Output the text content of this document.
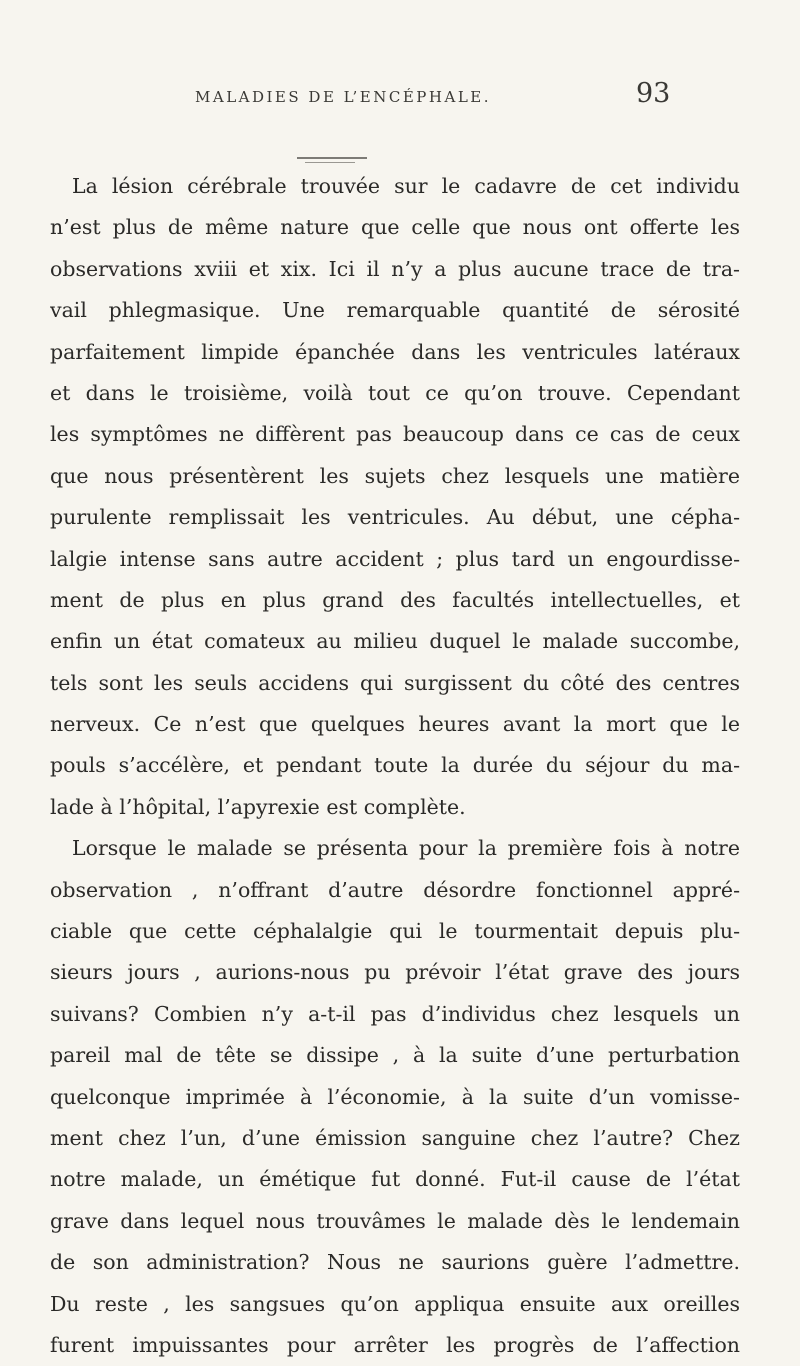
MALADIES DE L’ENCÉPHALE.	93
La lésion cérébrale trouvée sur le cadavre de cet individu
n’est plus de même nature que celle que nous ont offerte les
observations xviii et xix. Ici il n’y a plus aucune trace de tra-
vail phlegmasique. Une remarquable quantité de sérosité
parfaitement limpide épanchée dans les ventricules latéraux
et dans le troisième, voilà tout ce qu’on trouve. Cependant
les symptômes ne diffèrent pas beaucoup dans ce cas de ceux
que nous présentèrent les sujets chez lesquels une matière
purulente remplissait les ventricules. Au début, une cépha-
lalgie intense sans autre accident ; plus tard un engourdisse-
ment de plus en plus grand des facultés intellectuelles, et
enfin un état comateux au milieu duquel le malade succombe,
tels sont les seuls accidens qui surgissent du côté des centres
nerveux. Ce n’est que quelques heures avant la mort que le
pouls s’accélère, et pendant toute la durée du séjour du ma-
lade à l’hôpital, l’apyrexie est complète.
Lorsque le malade se présenta pour la première fois à notre
observation , n’offrant d’autre désordre fonctionnel appré-
ciable que cette céphalalgie qui le tourmentait depuis plu-
sieurs jours , aurions-nous pu prévoir l’état grave des jours
suivans? Combien n’y a-t-il pas d’individus chez lesquels un
pareil mal de tête se dissipe , à la suite d’une perturbation
quelconque imprimée à l’économie, à la suite d’un vomisse-
ment chez l’un, d’une émission sanguine chez l’autre? Chez
notre malade, un émétique fut donné. Fut-il cause de l’état
grave dans lequel nous trouvâmes le malade dès le lendemain
de son administration? Nous ne saurions guère l’admettre.
Du reste , les sangsues qu’on appliqua ensuite aux oreilles
furent impuissantes pour arrêter les progrès de l’affection
